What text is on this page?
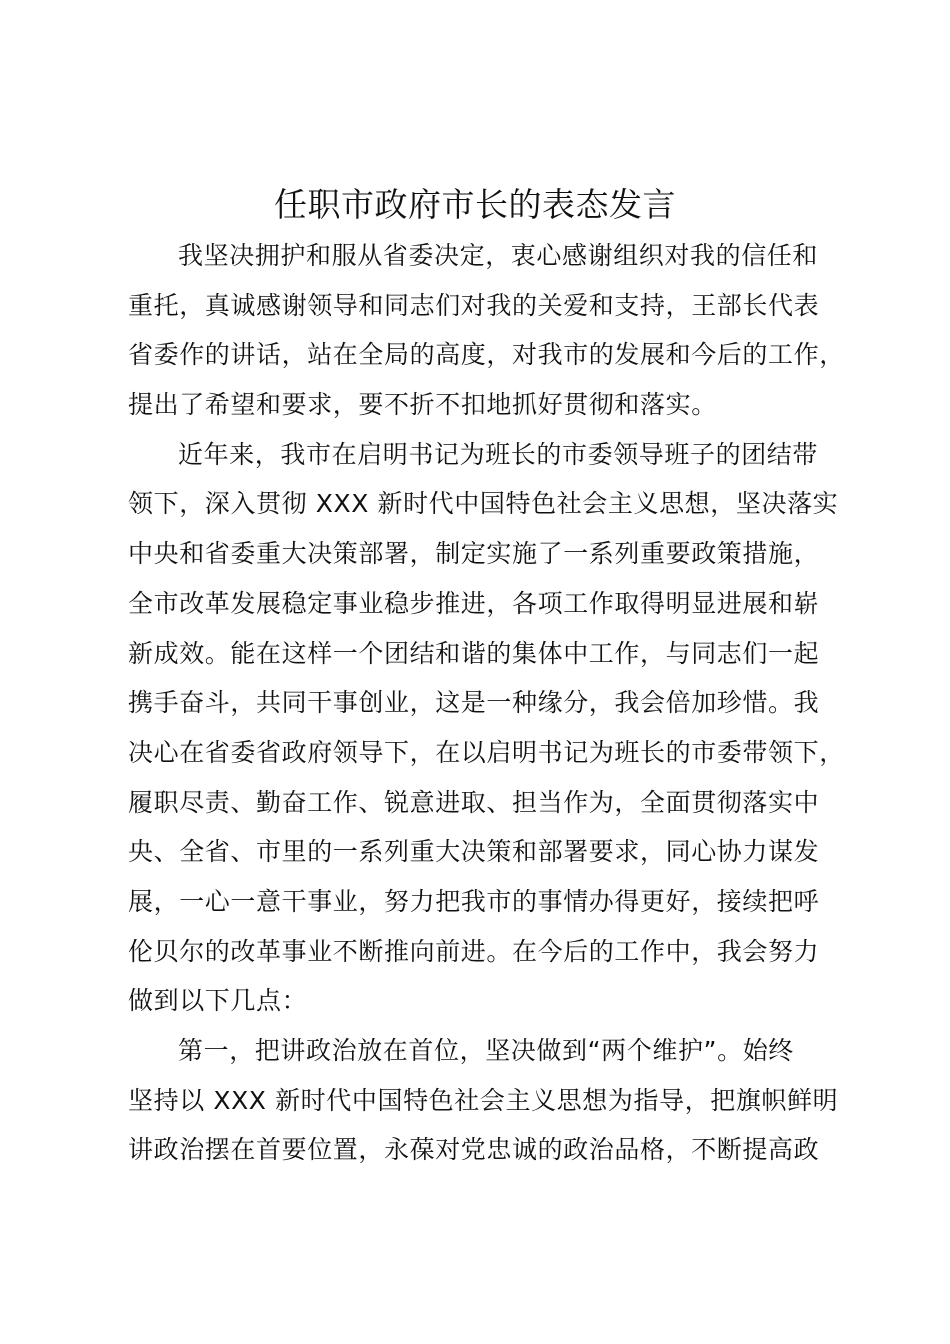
任职市政府市长的表态发言
我坚决拥护和服从省委决定，衷心感谢组织对我的信任和
重托，真诚感谢领导和同志们对我的关爱和支持，王部长代表
省委作的讲话，站在全局的高度，对我市的发展和今后的工作，
提出了希望和要求，要不折不扣地抓好贯彻和落实。
近年来，我市在启明书记为班长的市委领导班子的团结带
领下，深入贯彻 XXX 新时代中国特色社会主义思想，坚决落实
中央和省委重大决策部署，制定实施了一系列重要政策措施，
全市改革发展稳定事业稳步推进，各项工作取得明显进展和崭
新成效。能在这样一个团结和谐的集体中工作，与同志们一起
携手奋斗，共同干事创业，这是一种缘分，我会倍加珍惜。我
决心在省委省政府领导下，在以启明书记为班长的市委带领下，
履职尽责、勤奋工作、锐意进取、担当作为，全面贯彻落实中
央、全省、市里的一系列重大决策和部署要求，同心协力谋发
展，一心一意干事业，努力把我市的事情办得更好，接续把呼
伦贝尔的改革事业不断推向前进。在今后的工作中，我会努力
做到以下几点：
第一，把讲政治放在首位，坚决做到“两个维护”。始终
坚持以 XXX 新时代中国特色社会主义思想为指导，把旗帜鲜明
讲政治摆在首要位置，永葆对党忠诚的政治品格，不断提高政
